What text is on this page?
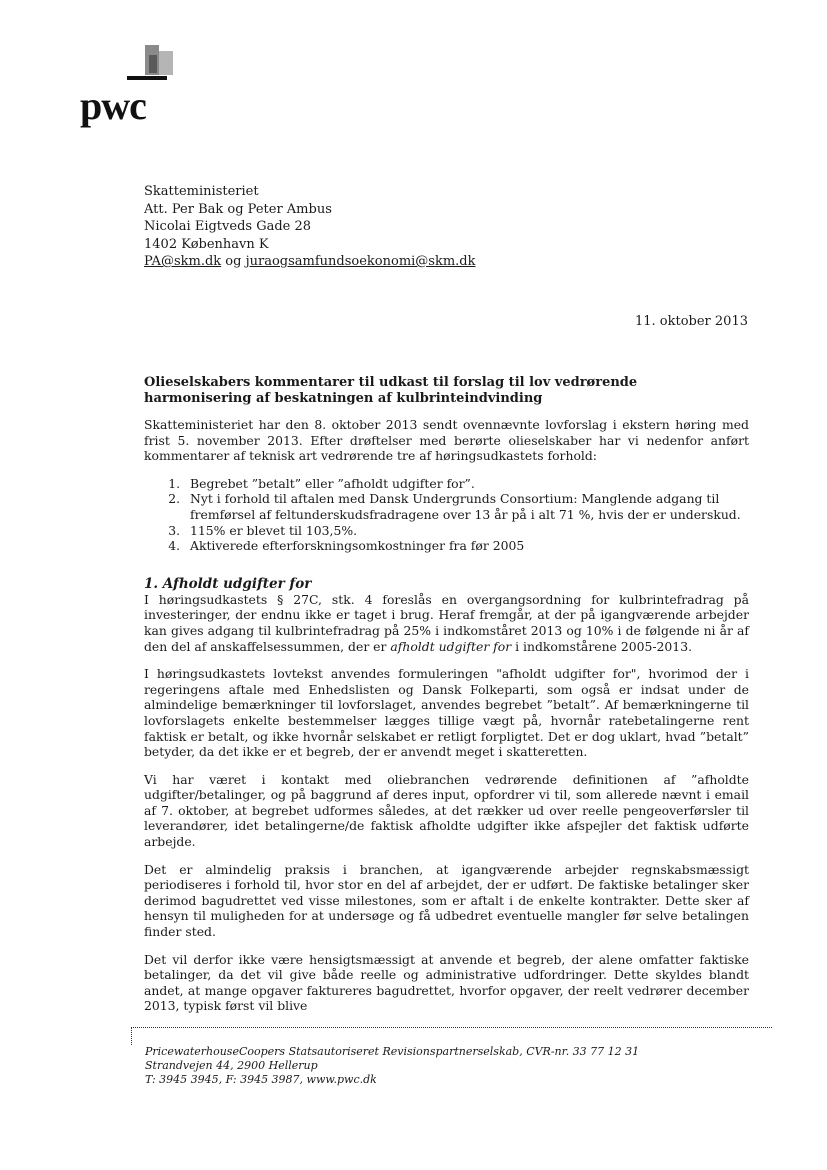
pwc
Skatteministeriet
Att. Per Bak og Peter Ambus
Nicolai Eigtveds Gade 28
1402 København K
PA@skm.dk og juraogsamfundsoekonomi@skm.dk
11. oktober 2013
Olieselskabers kommentarer til udkast til forslag til lov vedrørende harmonisering af beskatningen af kulbrinteindvinding

Skatteministeriet har den 8. oktober 2013 sendt ovennævnte lovforslag i ekstern høring med frist 5. november 2013. Efter drøftelser med berørte olieselskaber har vi nedenfor anført kommentarer af teknisk art vedrørende tre af høringsudkastets forhold:

1. Begrebet ”betalt” eller ”afholdt udgifter for”.
2. Nyt i forhold til aftalen med Dansk Undergrunds Consortium: Manglende adgang til fremførsel af feltunderskudsfradragene over 13 år på i alt 71 %, hvis der er underskud.
3. 115% er blevet til 103,5%.
4. Aktiverede efterforskningsomkostninger fra før 2005
1. Afholdt udgifter for

I høringsudkastets § 27C, stk. 4 foreslås en overgangsordning for kulbrintefradrag på investeringer, der endnu ikke er taget i brug. Heraf fremgår, at der på igangværende arbejder kan gives adgang til kulbrintefradrag på 25% i indkomståret 2013 og 10% i de følgende ni år af den del af anskaffelsessummen, der er afholdt udgifter for i indkomstårene 2005-2013.

I høringsudkastets lovtekst anvendes formuleringen "afholdt udgifter for", hvorimod der i regeringens aftale med Enhedslisten og Dansk Folkeparti, som også er indsat under de almindelige bemærkninger til lovforslaget, anvendes begrebet ”betalt”. Af bemærkningerne til lovforslagets enkelte bestemmelser lægges tillige vægt på, hvornår ratebetalingerne rent faktisk er betalt, og ikke hvornår selskabet er retligt forpligtet. Det er dog uklart, hvad ”betalt” betyder, da det ikke er et begreb, der er anvendt meget i skatteretten.

Vi har været i kontakt med oliebranchen vedrørende definitionen af ”afholdte udgifter/betalinger, og på baggrund af deres input, opfordrer vi til, som allerede nævnt i email af 7. oktober, at begrebet udformes således, at det rækker ud over reelle pengeoverførsler til leverandører, idet betalingerne/de faktisk afholdte udgifter ikke afspejler det faktisk udførte arbejde.

Det er almindelig praksis i branchen, at igangværende arbejder regnskabsmæssigt periodiseres i forhold til, hvor stor en del af arbejdet, der er udført. De faktiske betalinger sker derimod bagudrettet ved visse milestones, som er aftalt i de enkelte kontrakter. Dette sker af hensyn til muligheden for at undersøge og få udbedret eventuelle mangler før selve betalingen finder sted.

Det vil derfor ikke være hensigtsmæssigt at anvende et begreb, der alene omfatter faktiske betalinger, da det vil give både reelle og administrative udfordringer. Dette skyldes blandt andet, at mange opgaver faktureres bagudrettet, hvorfor opgaver, der reelt vedrører december 2013, typisk først vil blive

PricewaterhouseCoopers Statsautoriseret Revisionspartnerselskab, CVR-nr. 33 77 12 31
Strandvejen 44, 2900 Hellerup
T: 3945 3945, F: 3945 3987, www.pwc.dk
